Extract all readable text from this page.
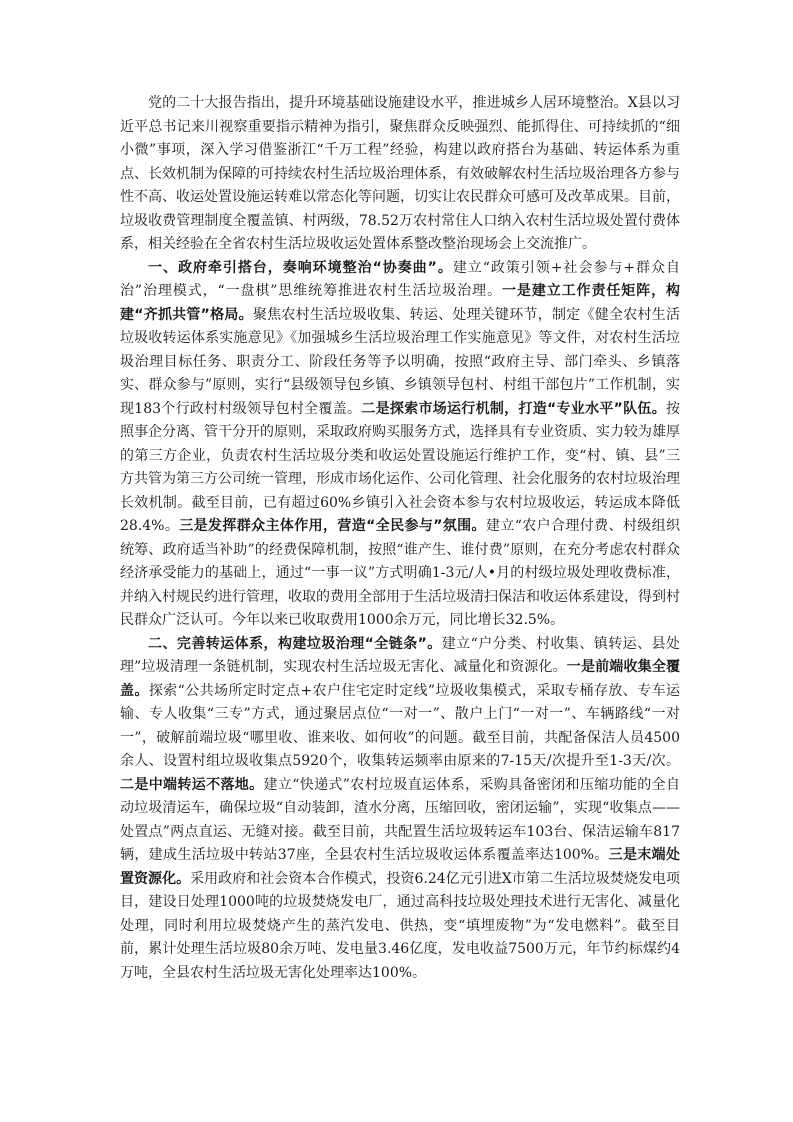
党的二十大报告指出，提升环境基础设施建设水平，推进城乡人居环境整治。X县以习近平总书记来川视察重要指示精神为指引，聚焦群众反映强烈、能抓得住、可持续抓的“细小微”事项，深入学习借鉴浙江“千万工程”经验，构建以政府搭台为基础、转运体系为重点、长效机制为保障的可持续农村生活垃圾治理体系，有效破解农村生活垃圾治理各方参与性不高、收运处置设施运转难以常态化等问题，切实让农民群众可感可及改革成果。目前，垃圾收费管理制度全覆盖镇、村两级，78.52万农村常住人口纳入农村生活垃圾处置付费体系，相关经验在全省农村生活垃圾收运处置体系整改整治现场会上交流推广。

一、政府牵引搭台，奏响环境整治“协奏曲”。建立“政策引领+社会参与+群众自治”治理模式，“一盘棋”思维统筹推进农村生活垃圾治理。一是建立工作责任矩阵，构建“齐抓共管”格局。聚焦农村生活垃圾收集、转运、处理关键环节，制定《健全农村生活垃圾收转运体系实施意见》《加强城乡生活垃圾治理工作实施意见》等文件，对农村生活垃圾治理目标任务、职责分工、阶段任务等予以明确，按照“政府主导、部门牵头、乡镇落实、群众参与”原则，实行“县级领导包乡镇、乡镇领导包村、村组干部包片”工作机制，实现183个行政村村级领导包村全覆盖。二是探索市场运行机制，打造“专业水平”队伍。按照事企分离、管干分开的原则，采取政府购买服务方式，选择具有专业资质、实力较为雄厚的第三方企业，负责农村生活垃圾分类和收运处置设施运行维护工作，变“村、镇、县”三方共管为第三方公司统一管理，形成市场化运作、公司化管理、社会化服务的农村垃圾治理长效机制。截至目前，已有超过60%乡镇引入社会资本参与农村垃圾收运，转运成本降低28.4%。三是发挥群众主体作用，营造“全民参与”氛围。建立“农户合理付费、村级组织统筹、政府适当补助”的经费保障机制，按照“谁产生、谁付费”原则，在充分考虑农村群众经济承受能力的基础上，通过“一事一议”方式明确1-3元/人•月的村级垃圾处理收费标准，并纳入村规民约进行管理，收取的费用全部用于生活垃圾清扫保洁和收运体系建设，得到村民群众广泛认可。今年以来已收取费用1000余万元，同比增长32.5%。

二、完善转运体系，构建垃圾治理“全链条”。建立“户分类、村收集、镇转运、县处理”垃圾清理一条链机制，实现农村生活垃圾无害化、减量化和资源化。一是前端收集全覆盖。探索“公共场所定时定点+农户住宅定时定线”垃圾收集模式，采取专桶存放、专车运输、专人收集“三专”方式，通过聚居点位“一对一”、散户上门“一对一”、车辆路线“一对一”，破解前端垃圾“哪里收、谁来收、如何收”的问题。截至目前，共配备保洁人员4500余人、设置村组垃圾收集点5920个，收集转运频率由原来的7-15天/次提升至1-3天/次。二是中端转运不落地。建立“快递式”农村垃圾直运体系，采购具备密闭和压缩功能的全自动垃圾清运车，确保垃圾“自动装卸，渣水分离，压缩回收，密闭运输”，实现“收集点——处置点”两点直运、无缝对接。截至目前，共配置生活垃圾转运车103台、保洁运输车817辆，建成生活垃圾中转站37座，全县农村生活垃圾收运体系覆盖率达100%。三是末端处置资源化。采用政府和社会资本合作模式，投资6.24亿元引进X市第二生活垃圾焚烧发电项目，建设日处理1000吨的垃圾焚烧发电厂，通过高科技垃圾处理技术进行无害化、减量化处理，同时利用垃圾焚烧产生的蒸汽发电、供热，变“填埋废物”为“发电燃料”。截至目前，累计处理生活垃圾80余万吨、发电量3.46亿度，发电收益7500万元，年节约标煤约4万吨，全县农村生活垃圾无害化处理率达100%。
